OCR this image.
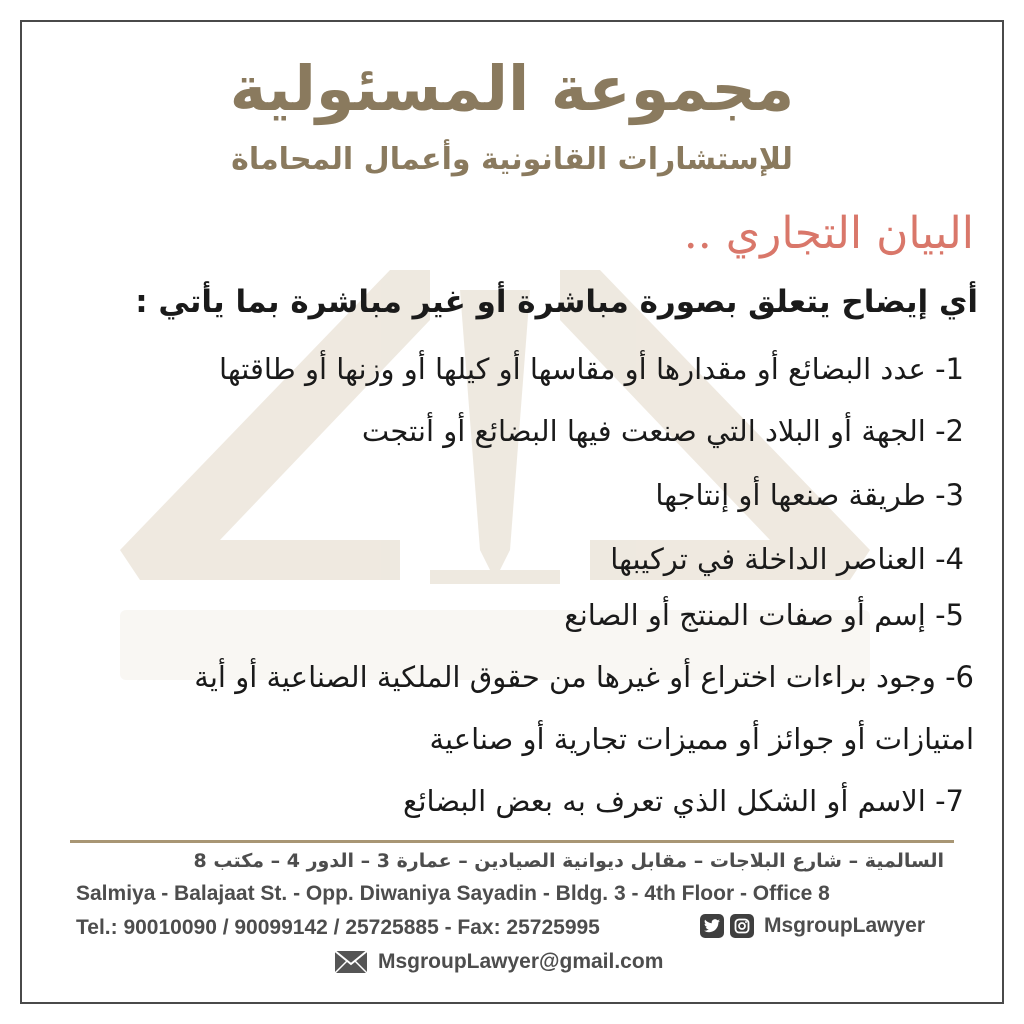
مجموعة المسئولية
للإستشارات القانونية وأعمال المحاماة
البيان التجاري ..
أي إيضاح يتعلق بصورة مباشرة أو غير مباشرة بما يأتي :
1- عدد البضائع أو مقدارها أو مقاسها أو كيلها أو وزنها أو طاقتها
2- الجهة أو البلاد التي صنعت فيها البضائع أو أنتجت
3- طريقة صنعها أو إنتاجها
4- العناصر الداخلة في تركيبها
5- إسم أو صفات المنتج أو الصانع
6- وجود براءات اختراع أو غيرها من حقوق الملكية الصناعية أو أية
امتيازات أو جوائز أو مميزات تجارية أو صناعية
7- الاسم أو الشكل الذي تعرف به بعض البضائع
السالمية – شارع البلاجات – مقابل ديوانية الصيادين – عمارة 3 – الدور 4 – مكتب 8
Salmiya - Balajaat St. - Opp. Diwaniya Sayadin - Bldg. 3 - 4th Floor - Office 8
Tel.: 90010090 / 90099142 / 25725885 - Fax: 25725995	MsgroupLawyer
MsgroupLawyer@gmail.com
